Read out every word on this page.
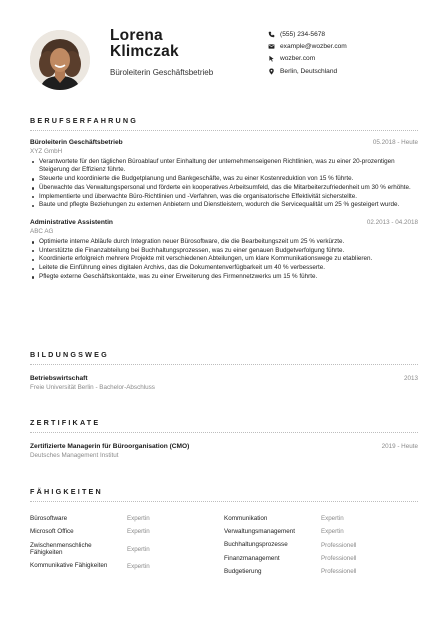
Lorena
Klimczak
Büroleiterin Geschäftsbetrieb
(555) 234-5678
example@wozber.com
wozber.com
Berlin, Deutschland
BERUFSERFAHRUNG
Büroleiterin Geschäftsbetrieb	05.2018 - Heute
XYZ GmbH
Verantwortete für den täglichen Büroablauf unter Einhaltung der unternehmenseigenen Richtlinien, was zu einer 20-prozentigen Steigerung der Effizienz führte.
Steuerte und koordinierte die Budgetplanung und Bankgeschäfte, was zu einer Kostenreduktion von 15 % führte.
Überwachte das Verwaltungspersonal und förderte ein kooperatives Arbeitsumfeld, das die Mitarbeiterzufriedenheit um 30 % erhöhte.
Implementierte und überwachte Büro-Richtlinien und -Verfahren, was die organisatorische Effektivität sicherstellte.
Baute und pflegte Beziehungen zu externen Anbietern und Dienstleistern, wodurch die Servicequalität um 25 % gesteigert wurde.
Administrative Assistentin	02.2013 - 04.2018
ABC AG
Optimierte interne Abläufe durch Integration neuer Bürosoftware, die die Bearbeitungszeit um 25 % verkürzte.
Unterstützte die Finanzabteilung bei Buchhaltungsprozessen, was zu einer genauen Budgetverfolgung führte.
Koordinierte erfolgreich mehrere Projekte mit verschiedenen Abteilungen, um klare Kommunikationswege zu etablieren.
Leitete die Einführung eines digitalen Archivs, das die Dokumentenverfügbarkeit um 40 % verbesserte.
Pflegte externe Geschäftskontakte, was zu einer Erweiterung des Firmennetzwerks um 15 % führte.
BILDUNGSWEG
Betriebswirtschaft	2013
Freie Universität Berlin - Bachelor-Abschluss
ZERTIFIKATE
Zertifizierte Managerin für Büroorganisation (CMO)	2019 - Heute
Deutsches Management Institut
FÄHIGKEITEN
Bürosoftware	Expertin
Microsoft Office	Expertin
Zwischenmenschliche Fähigkeiten	Expertin
Kommunikative Fähigkeiten	Expertin
Kommunikation	Expertin
Verwaltungsmanagement	Expertin
Buchhaltungsprozesse	Professionell
Finanzmanagement	Professionell
Budgetierung	Professionell
